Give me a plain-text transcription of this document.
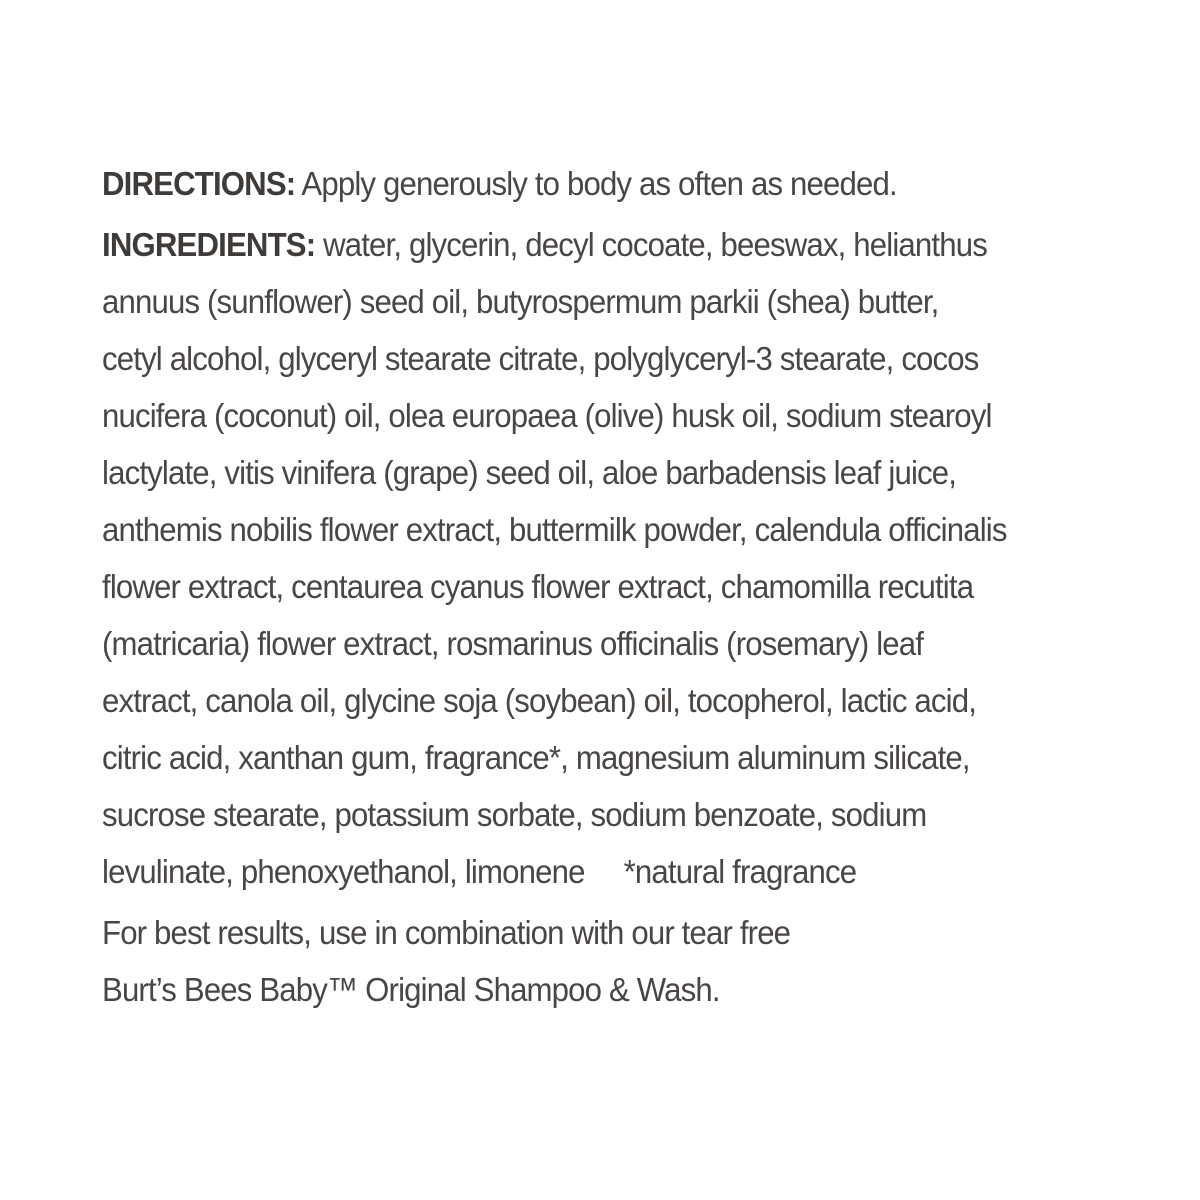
DIRECTIONS: Apply generously to body as often as needed.

INGREDIENTS: water, glycerin, decyl cocoate, beeswax, helianthus
annuus (sunflower) seed oil, butyrospermum parkii (shea) butter,
cetyl alcohol, glyceryl stearate citrate, polyglyceryl-3 stearate, cocos
nucifera (coconut) oil, olea europaea (olive) husk oil, sodium stearoyl
lactylate, vitis vinifera (grape) seed oil, aloe barbadensis leaf juice,
anthemis nobilis flower extract, buttermilk powder, calendula officinalis
flower extract, centaurea cyanus flower extract, chamomilla recutita
(matricaria) flower extract, rosmarinus officinalis (rosemary) leaf
extract, canola oil, glycine soja (soybean) oil, tocopherol, lactic acid,
citric acid, xanthan gum, fragrance*, magnesium aluminum silicate,
sucrose stearate, potassium sorbate, sodium benzoate, sodium
levulinate, phenoxyethanol, limonene *natural fragrance

For best results, use in combination with our tear free
Burt’s Bees Baby™ Original Shampoo & Wash.
